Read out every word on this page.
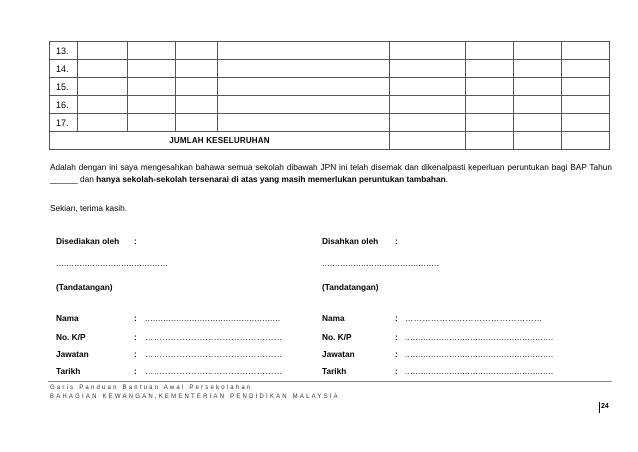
13.								
14.								
15.								
16.								
17.								
JUMLAH KESELURUHAN								
Adalah dengan ini saya mengesahkan bahawa semua sekolah dibawah JPN ini telah disemak dan dikenalpasti keperluan peruntukan bagi BAP Tahun ______ dan hanya sekolah-sekolah tersenarai di atas yang masih memerlukan peruntukan tambahan.
Sekian, terima kasih.
Disediakan oleh :
...........................................
(Tandatangan)
Nama	: ....................................................
No. K/P	: …………………………………………
Jawatan	: …………………………………………
Tarikh	: …………………………………………
Disahkan oleh :
.............................................
(Tandatangan)
Nama	: …………………………………………
No. K/P	: .........................................................
Jawatan	: .........................................................
Tarikh	: .........................................................
Garis Panduan Bantuan Awal Persekolahan
BAHAGIAN KEWANGAN,KEMENTERIAN PENDIDIKAN MALAYSIA
24
